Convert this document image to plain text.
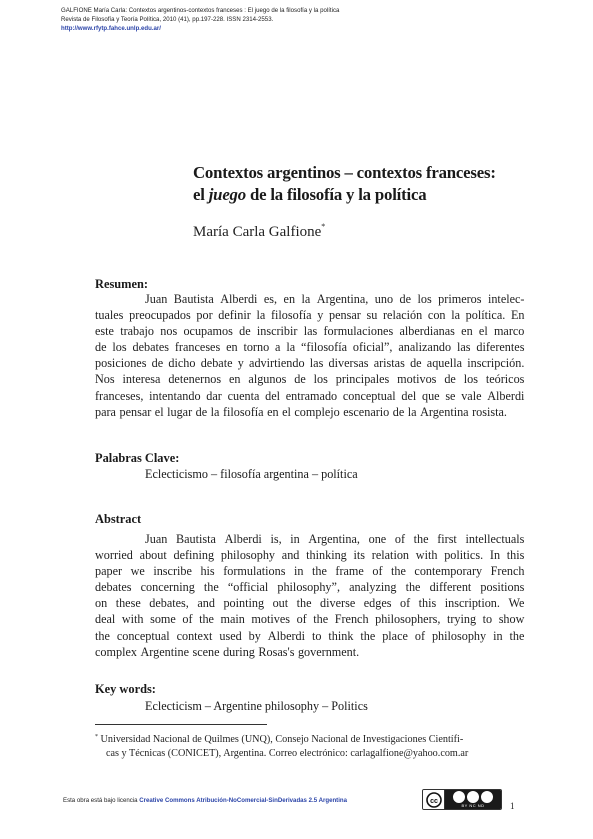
GALFIONE María Carla: Contextos argentinos-contextos franceses : El juego de la filosofía y la política
Revista de Filosofía y Teoría Política, 2010 (41), pp.197-228. ISSN 2314-2553.
http://www.rfytp.fahce.unlp.edu.ar/
Contextos argentinos – contextos franceses:
el juego de la filosofía y la política
María Carla Galfione*
Resumen:
Juan Bautista Alberdi es, en la Argentina, uno de los primeros intelec-
tuales preocupados por definir la filosofía y pensar su relación con la política. En
este trabajo nos ocupamos de inscribir las formulaciones alberdianas en el marco
de los debates franceses en torno a la “filosofía oficial”, analizando las diferentes
posiciones de dicho debate y advirtiendo las diversas aristas de aquella inscripción.
Nos interesa detenernos en algunos de los principales motivos de los teóricos
franceses, intentando dar cuenta del entramado conceptual del que se vale Alberdi
para pensar el lugar de la filosofía en el complejo escenario de la Argentina rosista.
Palabras Clave:
Eclecticismo – filosofía argentina – política
Abstract
Juan Bautista Alberdi is, in Argentina, one of the first intellectuals
worried about defining philosophy and thinking its relation with politics. In this
paper we inscribe his formulations in the frame of the contemporary French
debates concerning the “official philosophy”, analyzing the different positions
on these debates, and pointing out the diverse edges of this inscription. We
deal with some of the main motives of the French philosophers, trying to show
the conceptual context used by Alberdi to think the place of philosophy in the
complex Argentine scene during Rosas's government.
Key words:
Eclecticism – Argentine philosophy – Politics
* Universidad Nacional de Quilmes (UNQ), Consejo Nacional de Investigaciones Científi-
cas y Técnicas (CONICET), Argentina. Correo electrónico: carlagalfione@yahoo.com.ar
Esta obra está bajo licencia Creative Commons Atribución-NoComercial-SinDerivadas 2.5 Argentina	cc
BY NC ND	1
